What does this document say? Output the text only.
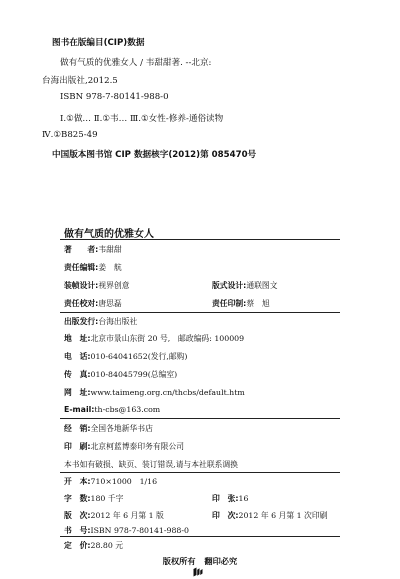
图书在版编目(CIP)数据
做有气质的优雅女人 / 韦甜甜著. --北京:
台海出版社,2012.5
ISBN 978-7-80141-988-0
Ⅰ.①做… Ⅱ.①韦… Ⅲ.①女性-修养-通俗读物
Ⅳ.①B825-49
中国版本图书馆 CIP 数据核字(2012)第 085470号
做有气质的优雅女人
著　　者:韦甜甜
责任编辑:姜　航
装帧设计:视界创意	版式设计:通联图文
责任校对:唐思磊	责任印制:蔡　旭
出版发行:台海出版社
地　址:北京市景山东街 20 号,　邮政编码: 100009
电　话:010-64041652(发行,邮购)
传　真:010-84045799(总编室)
网　址:www.taimeng.org.cn/thcbs/default.htm
E-mail:th-cbs@163.com
经　销:全国各地新华书店
印　刷:北京柯蓝博泰印务有限公司
本书如有破损、缺页、装订错误,请与本社联系调换
开　本:710×1000　1/16
字　数:180 千字	印　张:16
版　次:2012 年 6 月第 1 版	印　次:2012 年 6 月第 1 次印刷
书　号:ISBN 978-7-80141-988-0
定　价:28.80 元
版权所有 翻印必究
